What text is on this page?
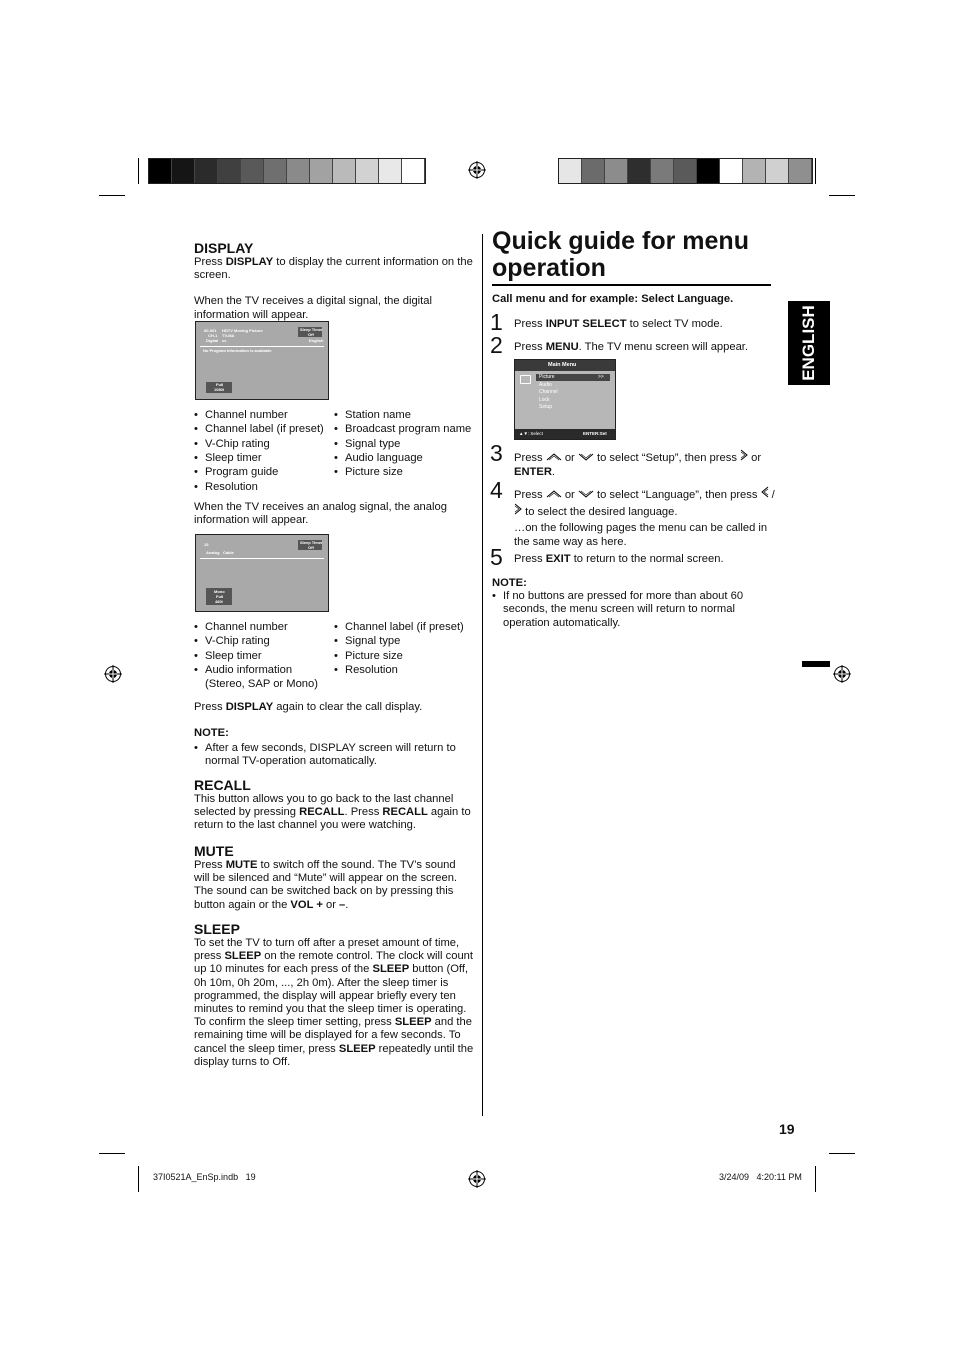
DISPLAY
Press DISPLAY to display the current information on the screen.
When the TV receives a digital signal, the digital information will appear.
60-001
CH-1
Digital
HDTV Moving Picture
TV-MA
cc
Sleep Timer
Off
English
No Program Information is available
Full
1080i
• Channel number
• Channel label (if preset)
• V-Chip rating
• Sleep timer
• Program guide
• Resolution
• Station name
• Broadcast program name
• Signal type
• Audio language
• Picture size
When the TV receives an analog signal, the analog information will appear.
15
Analog Cable
Sleep Timer
Off
Mono
Full
480i
(Stereo, SAP or Mono)
• Channel number
• V-Chip rating
• Sleep timer
• Audio information
• Channel label (if preset)
• Signal type
• Picture size
• Resolution
Press DISPLAY again to clear the call display.
NOTE:
• After a few seconds, DISPLAY screen will return to normal TV-operation automatically.
RECALL
This button allows you to go back to the last channel selected by pressing RECALL. Press RECALL again to return to the last channel you were watching.
MUTE
Press MUTE to switch off the sound. The TV’s sound will be silenced and “Mute” will appear on the screen. The sound can be switched back on by pressing this button again or the VOL + or –.
SLEEP
To set the TV to turn off after a preset amount of time, press SLEEP on the remote control. The clock will count up 10 minutes for each press of the SLEEP button (Off, 0h 10m, 0h 20m, ..., 2h 0m). After the sleep timer is programmed, the display will appear briefly every ten minutes to remind you that the sleep timer is operating. To confirm the sleep timer setting, press SLEEP and the remaining time will be displayed for a few seconds. To cancel the sleep timer, press SLEEP repeatedly until the display turns to Off.
Quick guide for menu
operation
Call menu and for example: Select Language.
1 Press INPUT SELECT to select TV mode.
2 Press MENU. The TV menu screen will appear.
Main Menu
>>
Picture
Audio
Channel
Lock
Setup
▲▼: Select	ENTER:Set
3 Press  or  to select “Setup”, then press  or ENTER.
4 Press  or  to select “Language”, then press  /  to select the desired language.
…on the following pages the menu can be called in the same way as here.
5 Press EXIT to return to the normal screen.
NOTE:
• If no buttons are pressed for more than about 60 seconds, the menu screen will return to normal operation automatically.
ENGLISH
19
37I0521A_EnSp.indb   19	3/24/09   4:20:11 PM
